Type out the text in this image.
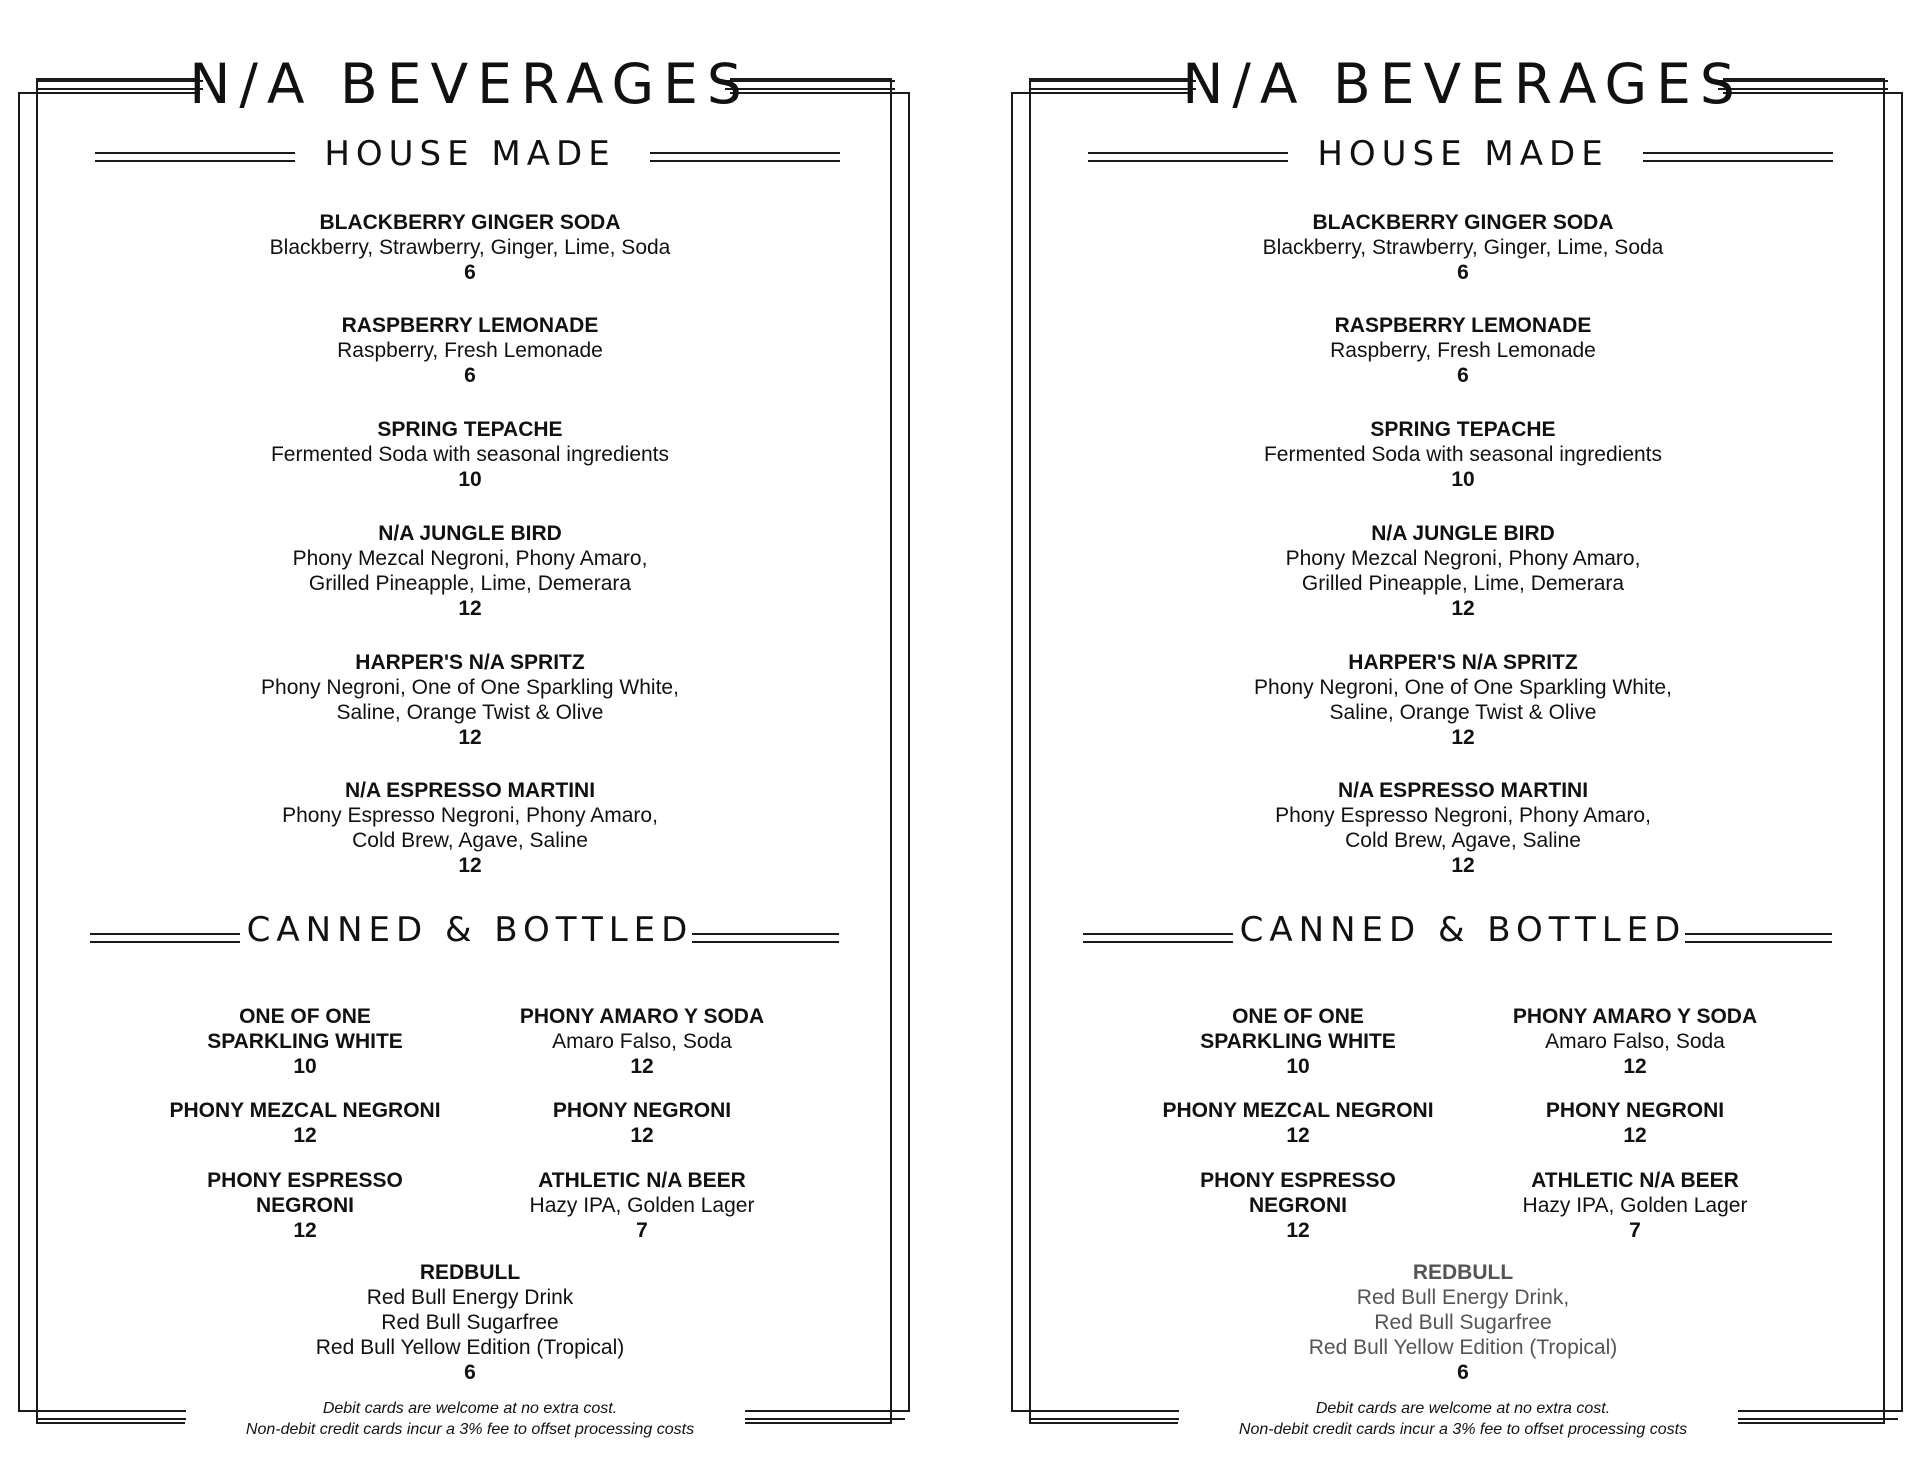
N/A BEVERAGES
HOUSE MADE
CANNED & BOTTLED
BLACKBERRY GINGER SODA
Blackberry, Strawberry, Ginger, Lime, Soda
6
RASPBERRY LEMONADE
Raspberry, Fresh Lemonade
6
SPRING TEPACHE
Fermented Soda with seasonal ingredients
10
N/A JUNGLE BIRD
Phony Mezcal Negroni, Phony Amaro,
Grilled Pineapple, Lime, Demerara
12
HARPER'S N/A SPRITZ
Phony Negroni, One of One Sparkling White,
Saline, Orange Twist & Olive
12
N/A ESPRESSO MARTINI
Phony Espresso Negroni, Phony Amaro,
Cold Brew, Agave, Saline
12
ONE OF ONE
SPARKLING WHITE
10
PHONY AMARO Y SODA
Amaro Falso, Soda
12
PHONY MEZCAL NEGRONI
12
PHONY NEGRONI
12
PHONY ESPRESSO
NEGRONI
12
ATHLETIC N/A BEER
Hazy IPA, Golden Lager
7
REDBULL
Red Bull Energy Drink
Red Bull Sugarfree
Red Bull Yellow Edition (Tropical)
6
Debit cards are welcome at no extra cost.
Non-debit credit cards incur a 3% fee to offset processing costs
N/A BEVERAGES
HOUSE MADE
CANNED & BOTTLED
BLACKBERRY GINGER SODA
Blackberry, Strawberry, Ginger, Lime, Soda
6
RASPBERRY LEMONADE
Raspberry, Fresh Lemonade
6
SPRING TEPACHE
Fermented Soda with seasonal ingredients
10
N/A JUNGLE BIRD
Phony Mezcal Negroni, Phony Amaro,
Grilled Pineapple, Lime, Demerara
12
HARPER'S N/A SPRITZ
Phony Negroni, One of One Sparkling White,
Saline, Orange Twist & Olive
12
N/A ESPRESSO MARTINI
Phony Espresso Negroni, Phony Amaro,
Cold Brew, Agave, Saline
12
ONE OF ONE
SPARKLING WHITE
10
PHONY AMARO Y SODA
Amaro Falso, Soda
12
PHONY MEZCAL NEGRONI
12
PHONY NEGRONI
12
PHONY ESPRESSO
NEGRONI
12
ATHLETIC N/A BEER
Hazy IPA, Golden Lager
7
REDBULL
Red Bull Energy Drink,
Red Bull Sugarfree
Red Bull Yellow Edition (Tropical)
6
Debit cards are welcome at no extra cost.
Non-debit credit cards incur a 3% fee to offset processing costs
